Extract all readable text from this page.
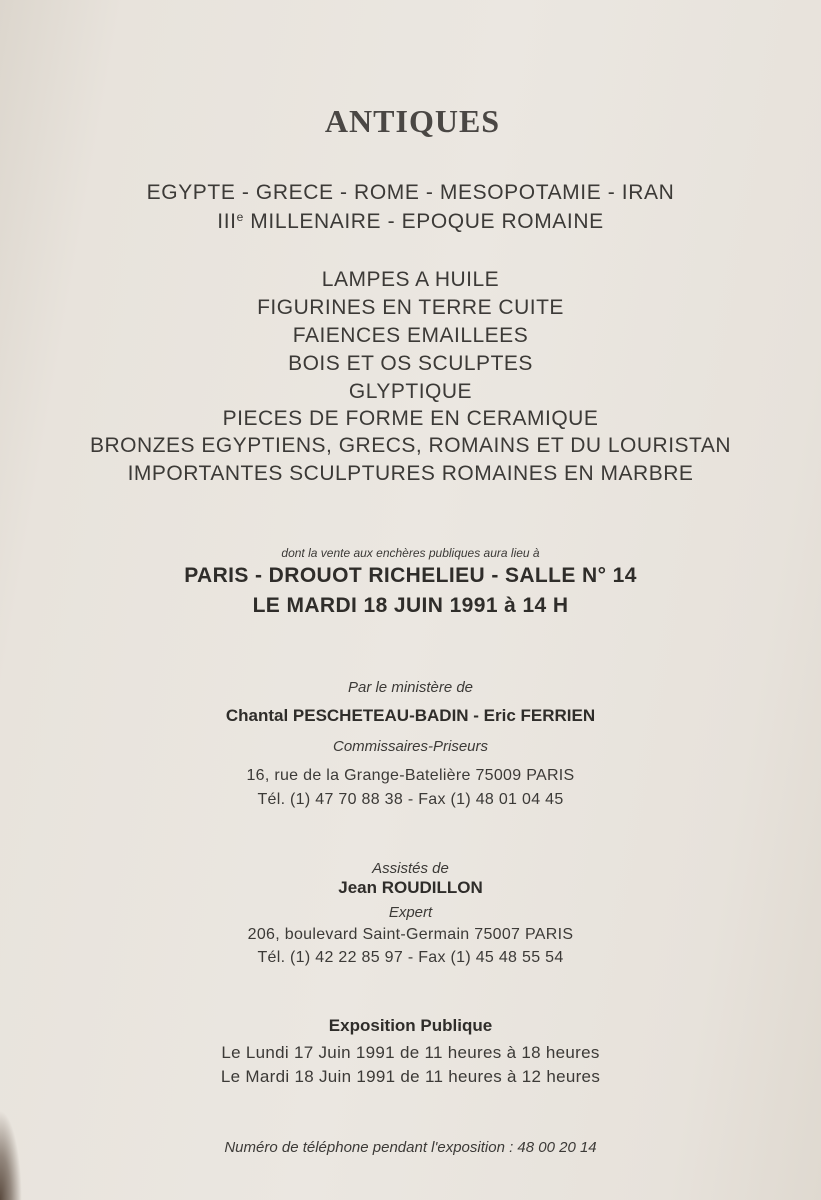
ANTIQUES
EGYPTE - GRECE - ROME - MESOPOTAMIE - IRAN
IIIe MILLENAIRE - EPOQUE ROMAINE
LAMPES A HUILE
FIGURINES EN TERRE CUITE
FAIENCES EMAILLEES
BOIS ET OS SCULPTES
GLYPTIQUE
PIECES DE FORME EN CERAMIQUE
BRONZES EGYPTIENS, GRECS, ROMAINS ET DU LOURISTAN
IMPORTANTES SCULPTURES ROMAINES EN MARBRE
dont la vente aux enchères publiques aura lieu à
PARIS - DROUOT RICHELIEU - SALLE N° 14
LE MARDI 18 JUIN 1991 à 14 H
Par le ministère de
Chantal PESCHETEAU-BADIN - Eric FERRIEN
Commissaires-Priseurs
16, rue de la Grange-Batelière 75009 PARIS
Tél. (1) 47 70 88 38 - Fax (1) 48 01 04 45
Assistés de
Jean ROUDILLON
Expert
206, boulevard Saint-Germain 75007 PARIS
Tél. (1) 42 22 85 97 - Fax (1) 45 48 55 54
Exposition Publique
Le Lundi 17 Juin 1991 de 11 heures à 18 heures
Le Mardi 18 Juin 1991 de 11 heures à 12 heures
Numéro de téléphone pendant l'exposition : 48 00 20 14
